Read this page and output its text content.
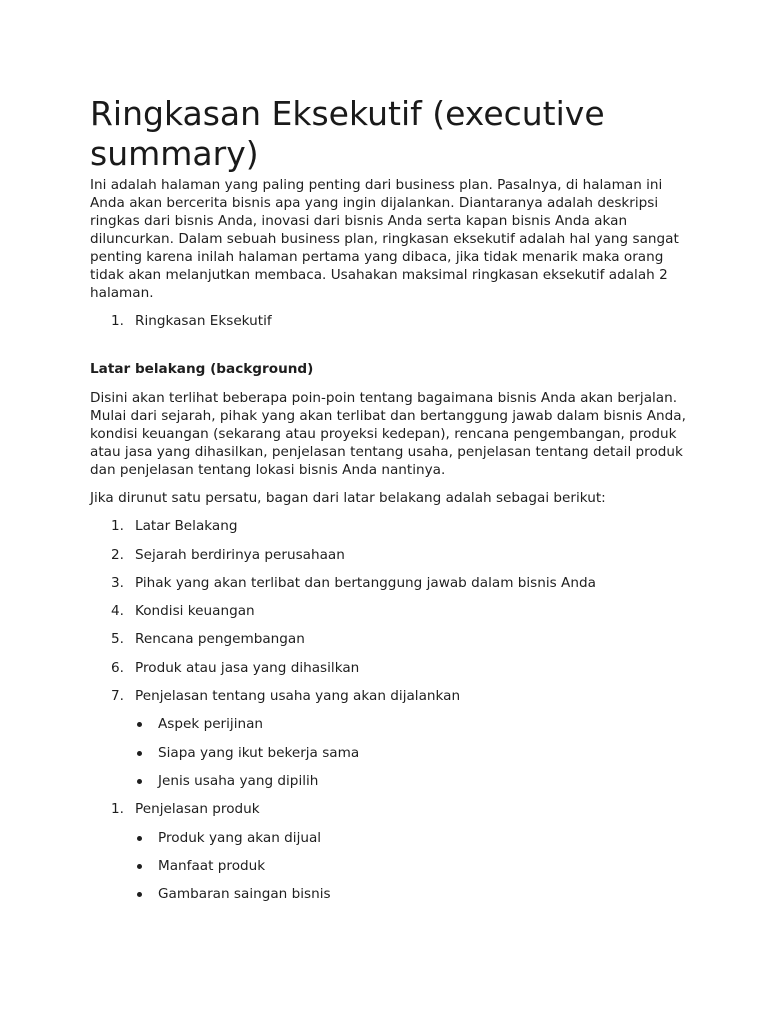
Ringkasan Eksekutif (executive summary)

Ini adalah halaman yang paling penting dari business plan. Pasalnya, di halaman ini Anda akan bercerita bisnis apa yang ingin dijalankan. Diantaranya adalah deskripsi ringkas dari bisnis Anda, inovasi dari bisnis Anda serta kapan bisnis Anda akan diluncurkan. Dalam sebuah business plan, ringkasan eksekutif adalah hal yang sangat penting karena inilah halaman pertama yang dibaca, jika tidak menarik maka orang tidak akan melanjutkan membaca. Usahakan maksimal ringkasan eksekutif adalah 2 halaman.

1. Ringkasan Eksekutif
Latar belakang (background)

Disini akan terlihat beberapa poin-poin tentang bagaimana bisnis Anda akan berjalan. Mulai dari sejarah, pihak yang akan terlibat dan bertanggung jawab dalam bisnis Anda, kondisi keuangan (sekarang atau proyeksi kedepan), rencana pengembangan, produk atau jasa yang dihasilkan, penjelasan tentang usaha, penjelasan tentang detail produk dan penjelasan tentang lokasi bisnis Anda nantinya.

Jika dirunut satu persatu, bagan dari latar belakang adalah sebagai berikut:

1. Latar Belakang
2. Sejarah berdirinya perusahaan
3. Pihak yang akan terlibat dan bertanggung jawab dalam bisnis Anda
4. Kondisi keuangan
5. Rencana pengembangan
6. Produk atau jasa yang dihasilkan
7. Penjelasan tentang usaha yang akan dijalankan
Aspek perijinan
Siapa yang ikut bekerja sama
Jenis usaha yang dipilih
1. Penjelasan produk
Produk yang akan dijual
Manfaat produk
Gambaran saingan bisnis
